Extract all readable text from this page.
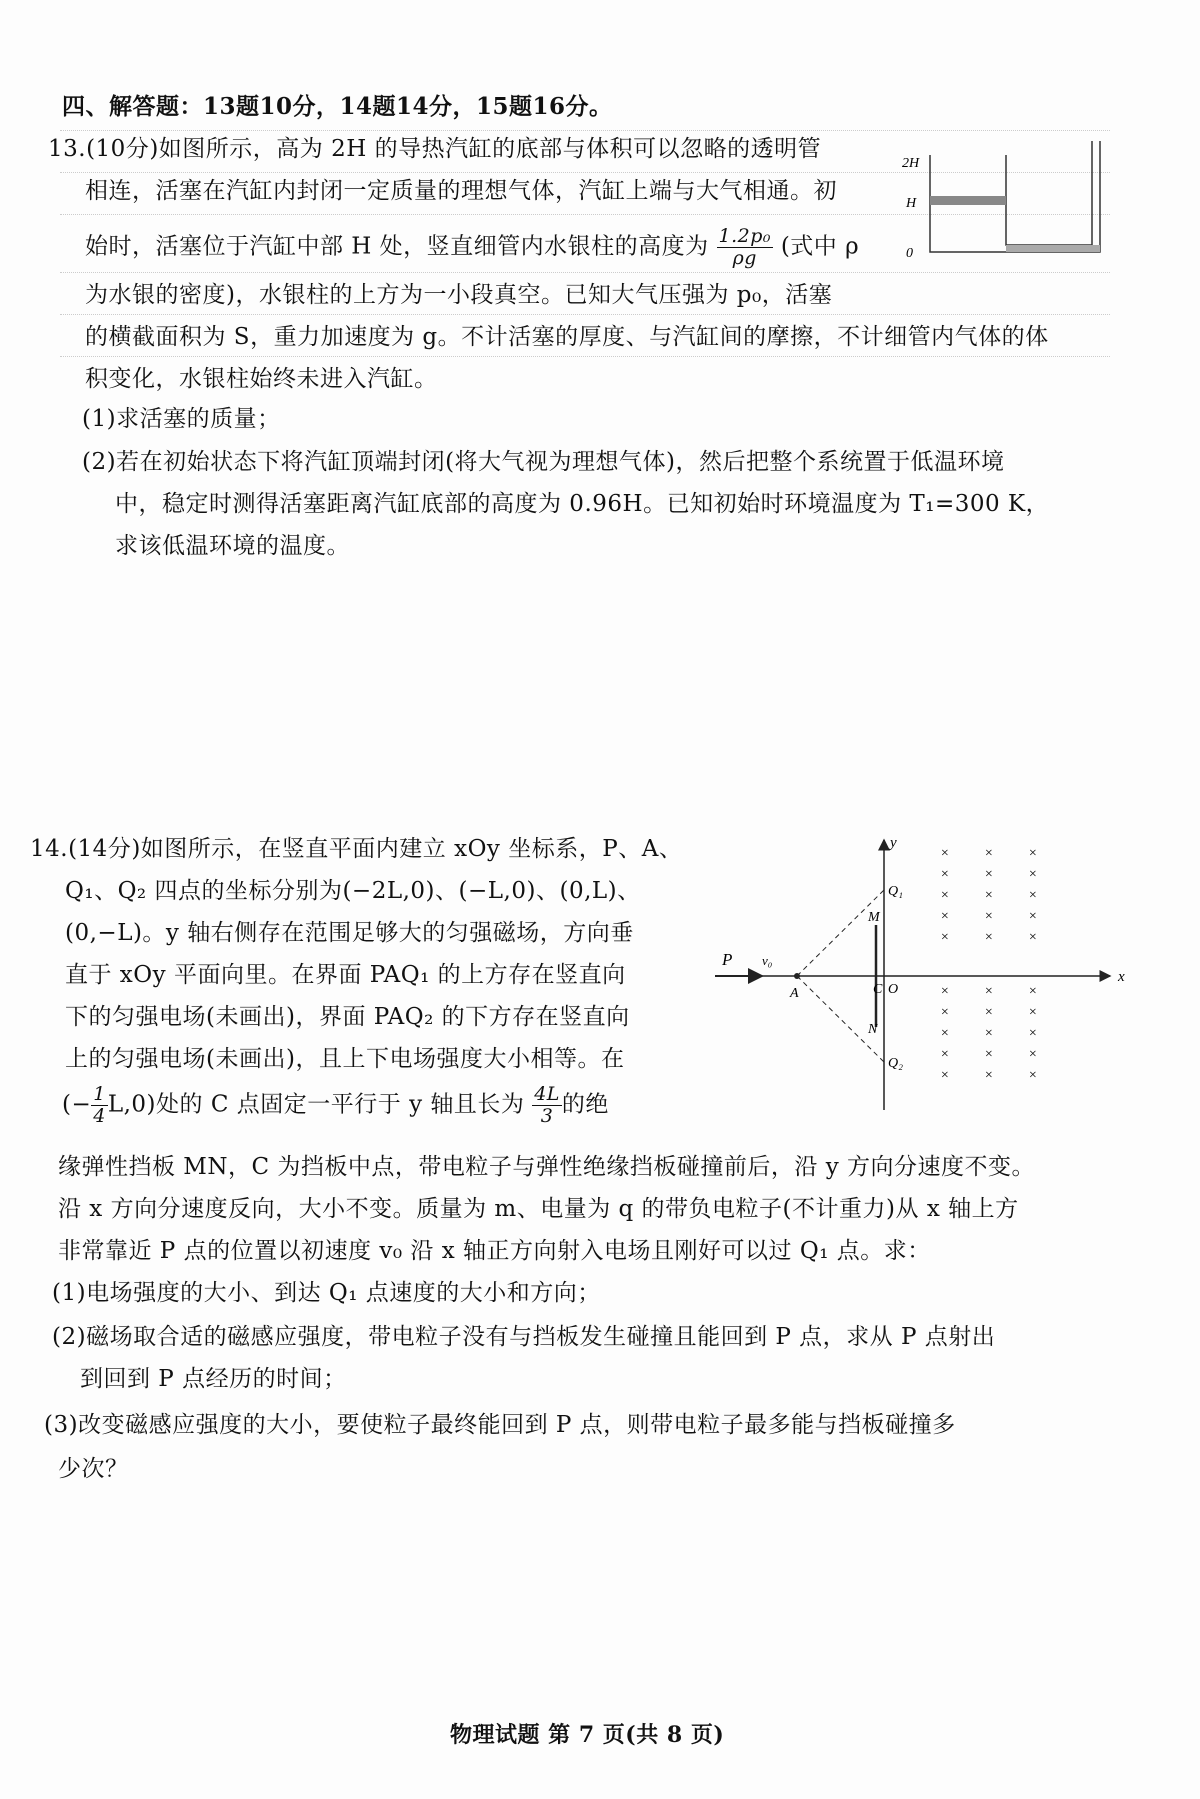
四、解答题：13题10分，14题14分，15题16分。
13.(10分)如图所示，高为 2H 的导热汽缸的底部与体积可以忽略的透明管
相连，活塞在汽缸内封闭一定质量的理想气体，汽缸上端与大气相通。初
始时，活塞位于汽缸中部 H 处，竖直细管内水银柱的高度为 $\frac{\text{1.2p₀}}{\rho g}$ (式中 ρ
为水银的密度)，水银柱的上方为一小段真空。已知大气压强为 p₀，活塞
的横截面积为 S，重力加速度为 g。不计活塞的厚度、与汽缸间的摩擦，不计细管内气体的体
积变化，水银柱始终未进入汽缸。
(1)求活塞的质量；
(2)若在初始状态下将汽缸顶端封闭(将大气视为理想气体)，然后把整个系统置于低温环境
中，稳定时测得活塞距离汽缸底部的高度为 0.96H。已知初始时环境温度为 T₁=300 K，
求该低温环境的温度。
2H
H
0
14.(14分)如图所示，在竖直平面内建立 xOy 坐标系，P、A、
Q₁、Q₂ 四点的坐标分别为(−2L,0)、(−L,0)、(0,L)、
(0,−L)。y 轴右侧存在范围足够大的匀强磁场，方向垂
直于 xOy 平面向里。在界面 PAQ₁ 的上方存在竖直向
下的匀强电场(未画出)，界面 PAQ₂ 的下方存在竖直向
上的匀强电场(未画出)，且上下电场强度大小相等。在
(− $\frac{1}{4} L,0$)处的 C 点固定一平行于 y 轴且长为 $\frac{4L}{3}$ 的绝
缘弹性挡板 MN，C 为挡板中点，带电粒子与弹性绝缘挡板碰撞前后，沿 y 方向分速度不变。
沿 x 方向分速度反向，大小不变。质量为 m、电量为 q 的带负电粒子(不计重力)从 x 轴上方
非常靠近 P 点的位置以初速度 v₀ 沿 x 轴正方向射入电场且刚好可以过 Q₁ 点。求：
(1)电场强度的大小、到达 Q₁ 点速度的大小和方向；
(2)磁场取合适的磁感应强度，带电粒子没有与挡板发生碰撞且能回到 P 点，求从 P 点射出
到回到 P 点经历的时间；
(3)改变磁感应强度的大小，要使粒子最终能回到 P 点，则带电粒子最多能与挡板碰撞多
少次？
x
y
P v₀
A
Q₁
Q₂
M
N
C O
× × ×
× × ×
× × ×
× × ×
× × ×
× × ×
× × ×
× × ×
× × ×
× × ×
物理试题 第 7 页(共 8 页)
